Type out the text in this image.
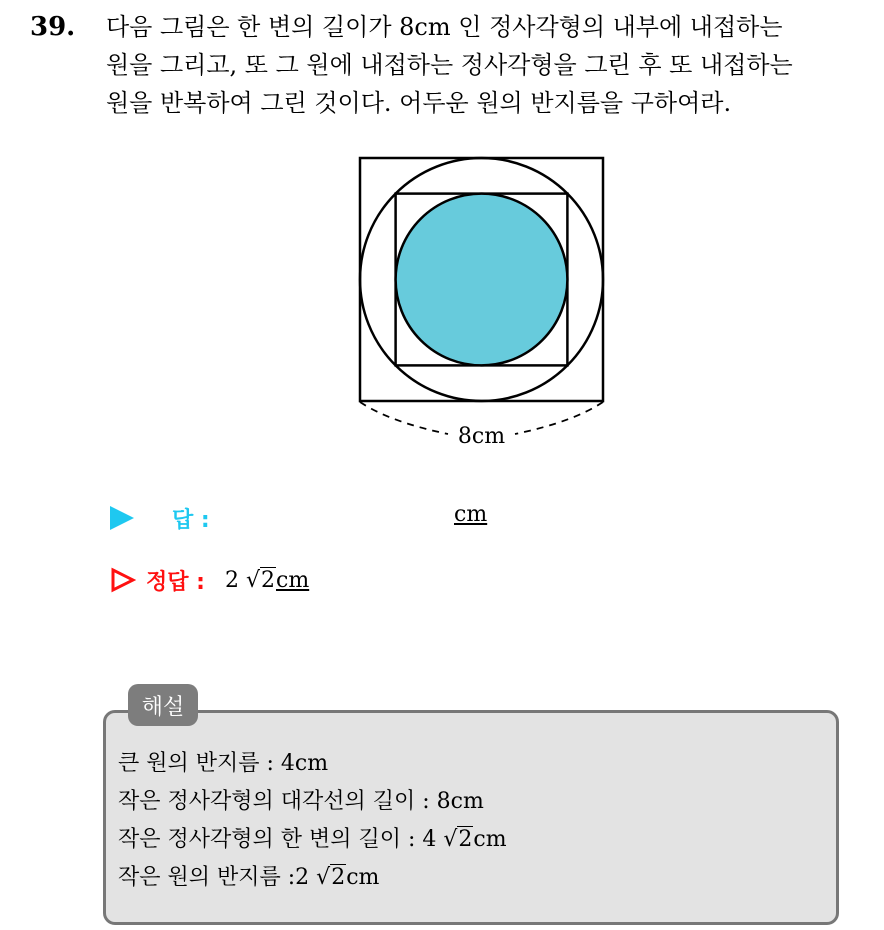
39. 다음 그림은 한 변의 길이가 8cm 인 정사각형의 내부에 내접하는
원을 그리고, 또 그 원에 내접하는 정사각형을 그린 후 또 내접하는
원을 반복하여 그린 것이다. 어두운 원의 반지름을 구하여라.
8cm
답 :	cm
정답 : 2 √2cm
해설
큰 원의 반지름 : 4cm
작은 정사각형의 대각선의 길이 : 8cm
작은 정사각형의 한 변의 길이 : 4 √2cm
작은 원의 반지름 :2 √2cm
